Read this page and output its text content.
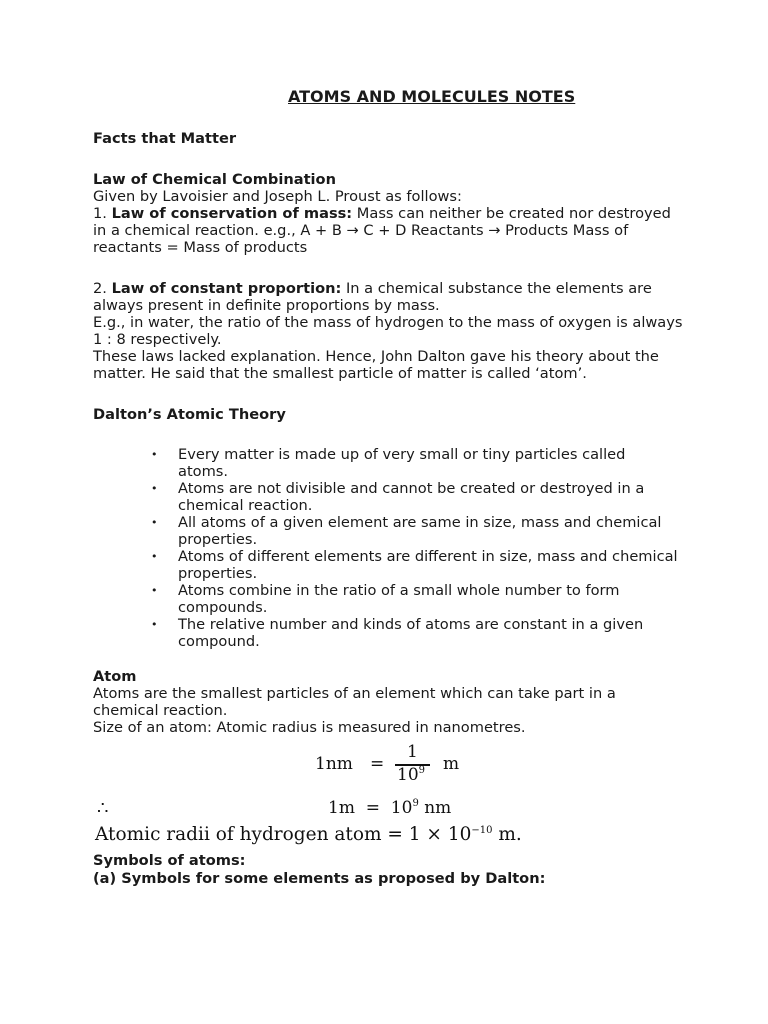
ATOMS AND MOLECULES NOTES

Facts that Matter

Law of Chemical Combination

Given by Lavoisier and Joseph L. Proust as follows:

1. Law of conservation of mass: Mass can neither be created nor destroyed in a chemical reaction. e.g., A + B → C + D Reactants → Products Mass of reactants = Mass of products

2. Law of constant proportion: In a chemical substance the elements are always present in definite proportions by mass.

E.g., in water, the ratio of the mass of hydrogen to the mass of oxygen is always 1 : 8 respectively.

These laws lacked explanation. Hence, John Dalton gave his theory about the matter. He said that the smallest particle of matter is called ‘atom’.

Dalton’s Atomic Theory

• Every matter is made up of very small or tiny particles called atoms.
• Atoms are not divisible and cannot be created or destroyed in a chemical reaction.
• All atoms of a given element are same in size, mass and chemical properties.
• Atoms of different elements are different in size, mass and chemical properties.
• Atoms combine in the ratio of a small whole number to form compounds.
• The relative number and kinds of atoms are constant in a given compound.

Atom

Atoms are the smallest particles of an element which can take part in a chemical reaction.

Size of an atom: Atomic radius is measured in nanometres.

1nm =
1
$10^9$ m
∴	$1m = 10^9$ nm
Atomic radii of hydrogen atom = $1 \times 10^{-10}$ m.

Symbols of atoms:

(a) Symbols for some elements as proposed by Dalton:
